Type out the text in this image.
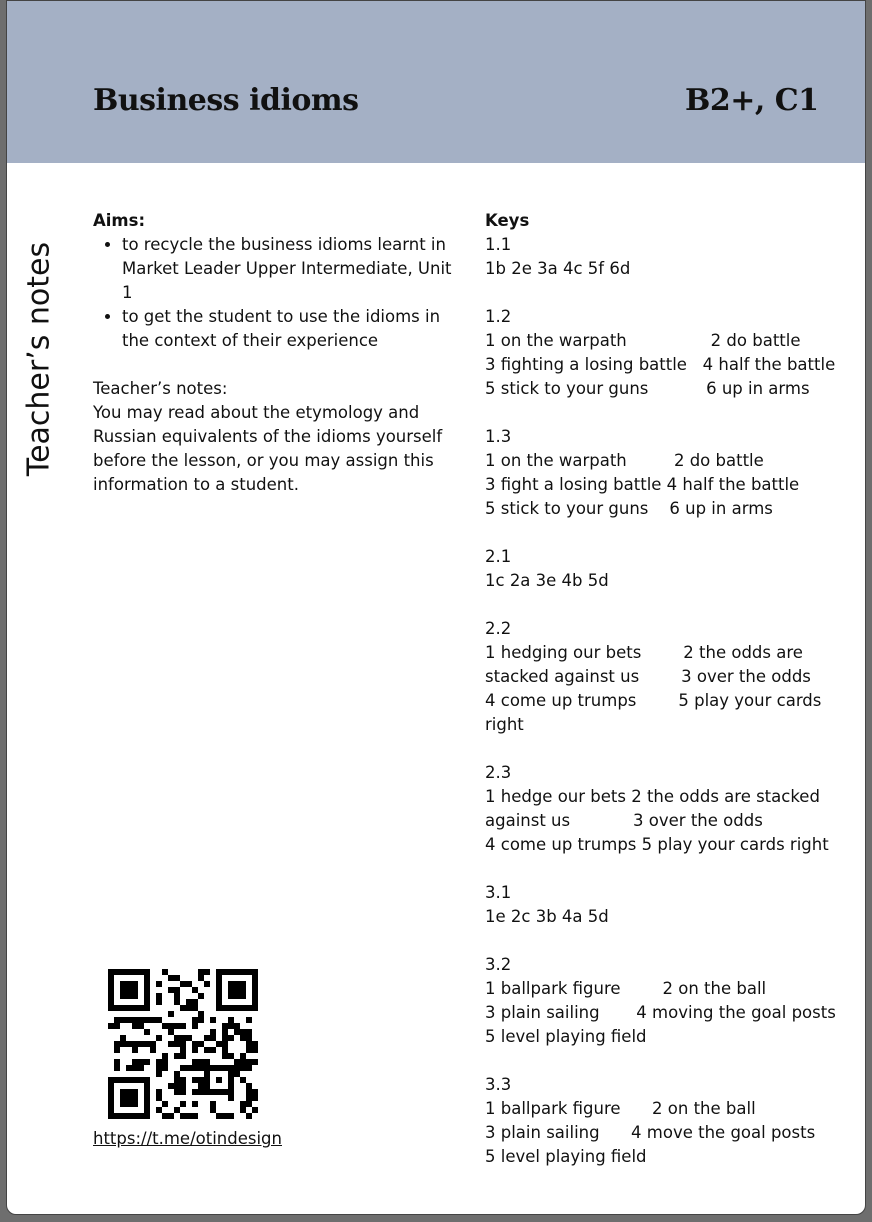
Business idioms	B2+, C1
Teacher’s notes
Aims:
• to recycle the business idioms learnt in Market Leader Upper Intermediate, Unit 1
• to get the student to use the idioms in the context of their experience
Teacher’s notes:
You may read about the etymology and Russian equivalents of the idioms yourself before the lesson, or you may assign this information to a student.
Keys
1.1
1b 2e 3a 4c 5f 6d
1.2
1 on the warpath                2 do battle
3 fighting a losing battle   4 half the battle
5 stick to your guns           6 up in arms
1.3
1 on the warpath         2 do battle
3 fight a losing battle 4 half the battle
5 stick to your guns    6 up in arms
2.1
1c 2a 3e 4b 5d
2.2
1 hedging our bets        2 the odds are
stacked against us        3 over the odds
4 come up trumps        5 play your cards
right
2.3
1 hedge our bets 2 the odds are stacked
against us            3 over the odds
4 come up trumps 5 play your cards right
3.1
1e 2c 3b 4a 5d
3.2
1 ballpark figure        2 on the ball
3 plain sailing       4 moving the goal posts
5 level playing field
3.3
1 ballpark figure      2 on the ball
3 plain sailing      4 move the goal posts
5 level playing field
https://t.me/otindesign
